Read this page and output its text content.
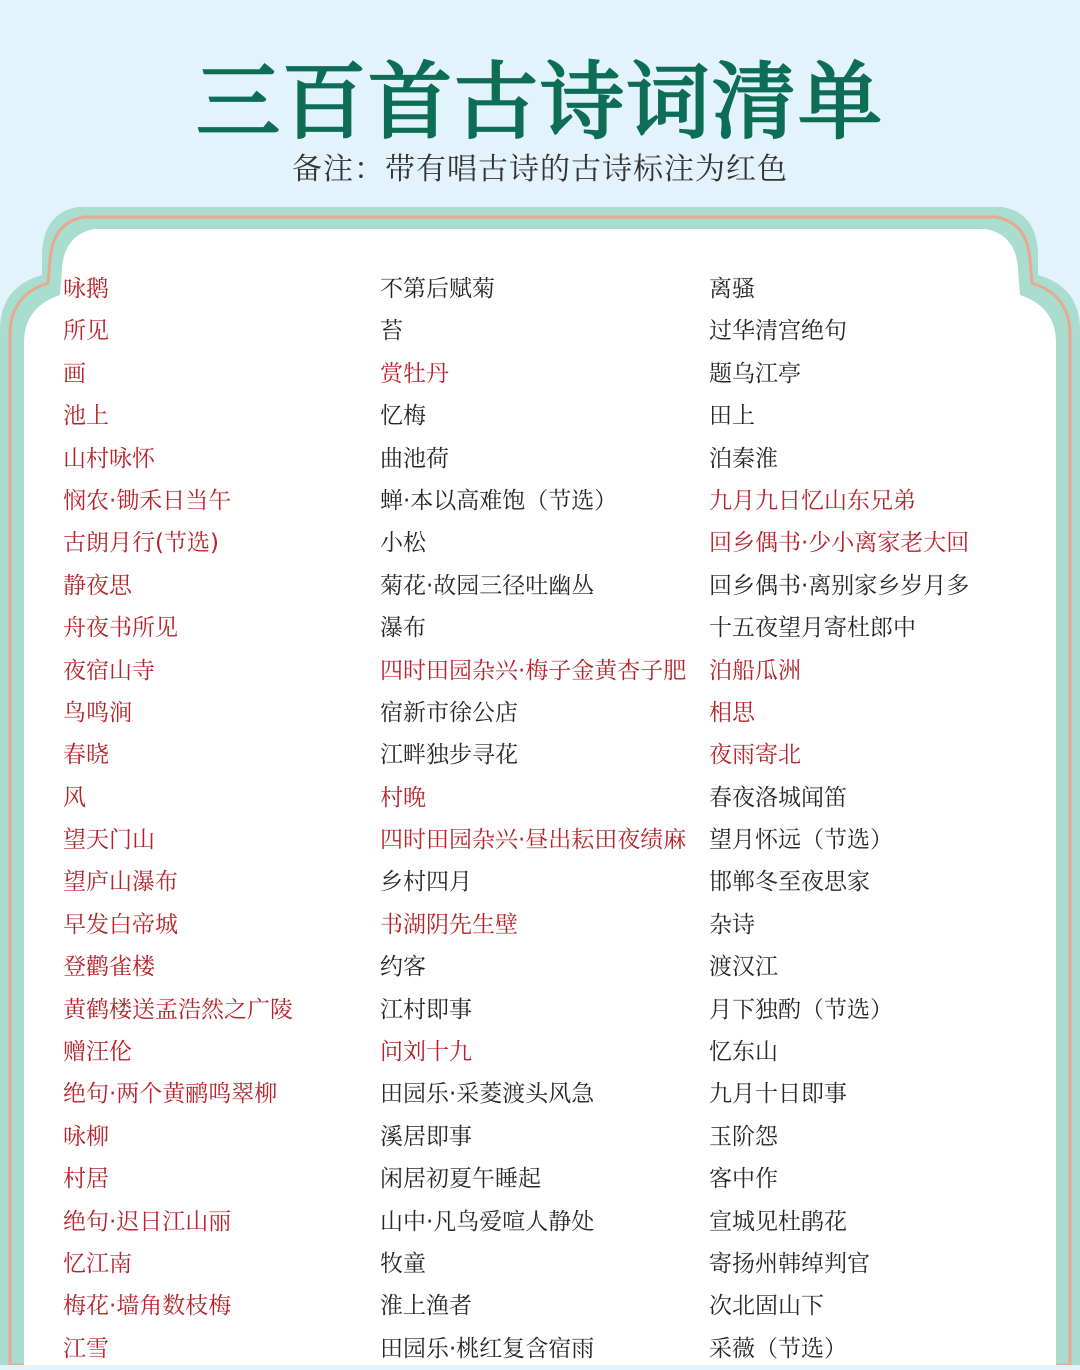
三百首古诗词清单
备注：带有唱古诗的古诗标注为红色
咏鹅
所见
画
池上
山村咏怀
悯农·锄禾日当午
古朗月行(节选)
静夜思
舟夜书所见
夜宿山寺
鸟鸣涧
春晓
风
望天门山
望庐山瀑布
早发白帝城
登鹳雀楼
黄鹤楼送孟浩然之广陵
赠汪伦
绝句·两个黄鹂鸣翠柳
咏柳
村居
绝句·迟日江山丽
忆江南
梅花·墙角数枝梅
江雪
不第后赋菊
苔
赏牡丹
忆梅
曲池荷
蝉·本以高难饱（节选）
小松
菊花·故园三径吐幽丛
瀑布
四时田园杂兴·梅子金黄杏子肥
宿新市徐公店
江畔独步寻花
村晚
四时田园杂兴·昼出耘田夜绩麻
乡村四月
书湖阴先生壁
约客
江村即事
问刘十九
田园乐·采菱渡头风急
溪居即事
闲居初夏午睡起
山中·凡鸟爱喧人静处
牧童
淮上渔者
田园乐·桃红复含宿雨
离骚
过华清宫绝句
题乌江亭
田上
泊秦淮
九月九日忆山东兄弟
回乡偶书·少小离家老大回
回乡偶书·离别家乡岁月多
十五夜望月寄杜郎中
泊船瓜洲
相思
夜雨寄北
春夜洛城闻笛
望月怀远（节选）
邯郸冬至夜思家
杂诗
渡汉江
月下独酌（节选）
忆东山
九月十日即事
玉阶怨
客中作
宣城见杜鹃花
寄扬州韩绰判官
次北固山下
采薇（节选）
